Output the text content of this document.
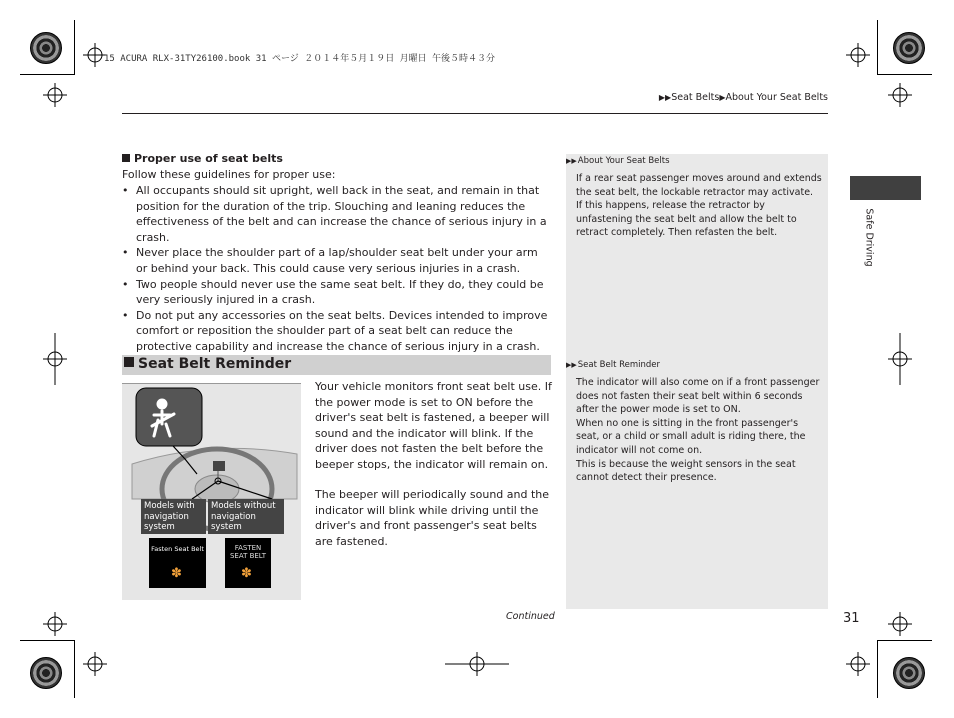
15 ACURA RLX-31TY26100.book 31 ページ ２０１４年５月１９日 月曜日 午後５時４３分
▶▶Seat Belts▶About Your Seat Belts
Safe Driving
Proper use of seat belts
Follow these guidelines for proper use:
• All occupants should sit upright, well back in the seat, and remain in that position for the duration of the trip. Slouching and leaning reduces the effectiveness of the belt and can increase the chance of serious injury in a crash.
• Never place the shoulder part of a lap/shoulder seat belt under your arm or behind your back. This could cause very serious injuries in a crash.
• Two people should never use the same seat belt. If they do, they could be very seriously injured in a crash.
• Do not put any accessories on the seat belts. Devices intended to improve comfort or reposition the shoulder part of a seat belt can reduce the protective capability and increase the chance of serious injury in a crash.
▶▶About Your Seat Belts
If a rear seat passenger moves around and extends the seat belt, the lockable retractor may activate. If this happens, release the retractor by unfastening the seat belt and allow the belt to retract completely. Then refasten the belt.
▶▶Seat Belt Reminder
The indicator will also come on if a front passenger does not fasten their seat belt within 6 seconds after the power mode is set to ON.
When no one is sitting in the front passenger's seat, or a child or small adult is riding there, the indicator will not come on.
This is because the weight sensors in the seat cannot detect their presence.
Seat Belt Reminder
Models with navigation system
Models without navigation system
Fasten Seat Belt
✽
FASTEN SEAT BELT
✽
Your vehicle monitors front seat belt use. If the power mode is set to ON before the driver's seat belt is fastened, a beeper will sound and the indicator will blink. If the driver does not fasten the belt before the beeper stops, the indicator will remain on.
The beeper will periodically sound and the indicator will blink while driving until the driver's and front passenger's seat belts are fastened.
Continued	31
